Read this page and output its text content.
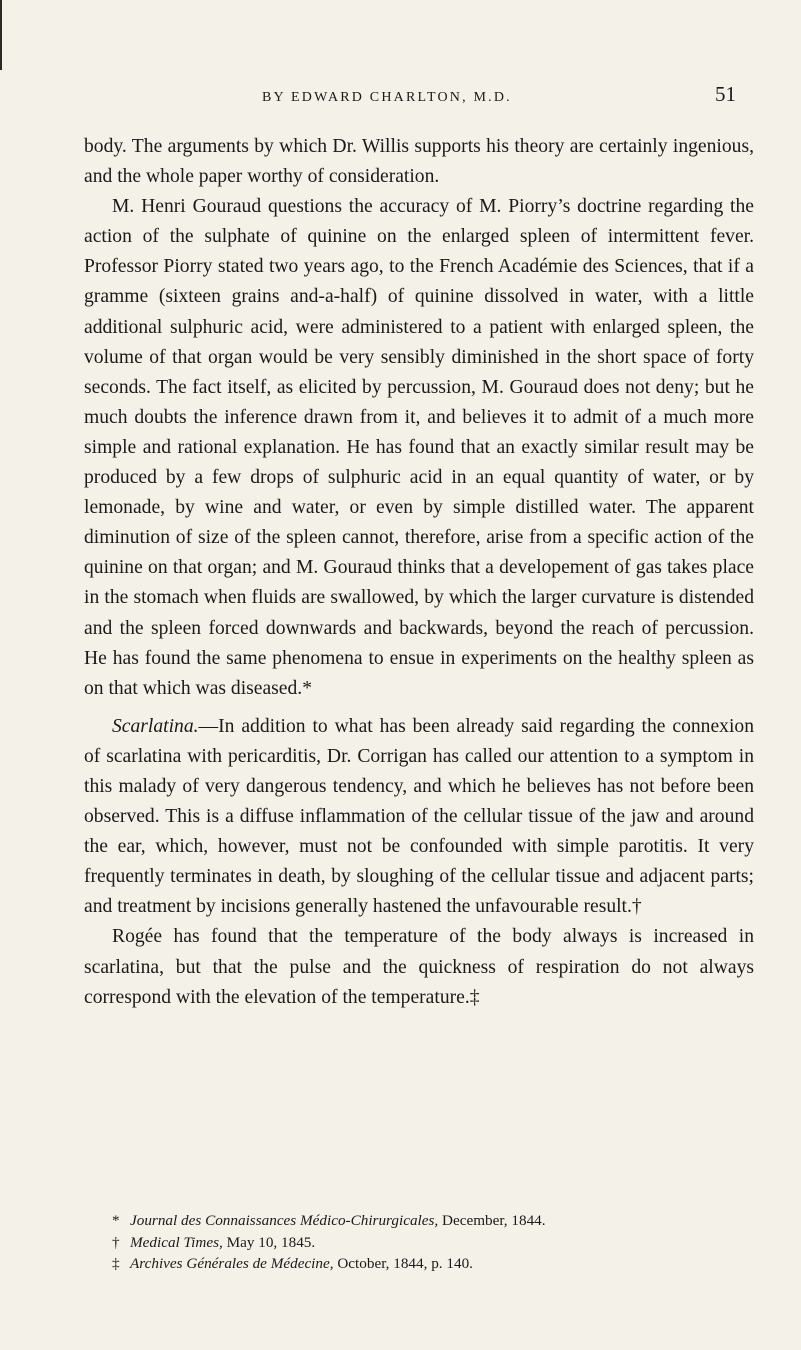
BY EDWARD CHARLTON, M.D.	51

body. The arguments by which Dr. Willis supports his theory are certainly ingenious, and the whole paper worthy of consideration.

M. Henri Gouraud questions the accuracy of M. Piorry’s doctrine regarding the action of the sulphate of quinine on the enlarged spleen of intermittent fever. Professor Piorry stated two years ago, to the French Académie des Sciences, that if a gramme (sixteen grains and-a-half) of quinine dissolved in water, with a little additional sulphuric acid, were administered to a patient with enlarged spleen, the volume of that organ would be very sensibly diminished in the short space of forty seconds. The fact itself, as elicited by percussion, M. Gouraud does not deny; but he much doubts the inference drawn from it, and believes it to admit of a much more simple and rational explanation. He has found that an exactly similar result may be produced by a few drops of sulphuric acid in an equal quantity of water, or by lemonade, by wine and water, or even by simple distilled water. The apparent diminution of size of the spleen cannot, therefore, arise from a specific action of the quinine on that organ; and M. Gouraud thinks that a developement of gas takes place in the stomach when fluids are swallowed, by which the larger curvature is distended and the spleen forced downwards and backwards, beyond the reach of percussion. He has found the same phenomena to ensue in experiments on the healthy spleen as on that which was diseased.*

Scarlatina.—In addition to what has been already said regarding the connexion of scarlatina with pericarditis, Dr. Corrigan has called our attention to a symptom in this malady of very dangerous tendency, and which he believes has not before been observed. This is a diffuse inflammation of the cellular tissue of the jaw and around the ear, which, however, must not be confounded with simple parotitis. It very frequently terminates in death, by sloughing of the cellular tissue and adjacent parts; and treatment by incisions generally hastened the unfavourable result.†

Rogée has found that the temperature of the body always is increased in scarlatina, but that the pulse and the quickness of respiration do not always correspond with the elevation of the temperature.‡

* Journal des Connaissances Médico-Chirurgicales, December, 1844.
† Medical Times, May 10, 1845.
‡ Archives Générales de Médecine, October, 1844, p. 140.
